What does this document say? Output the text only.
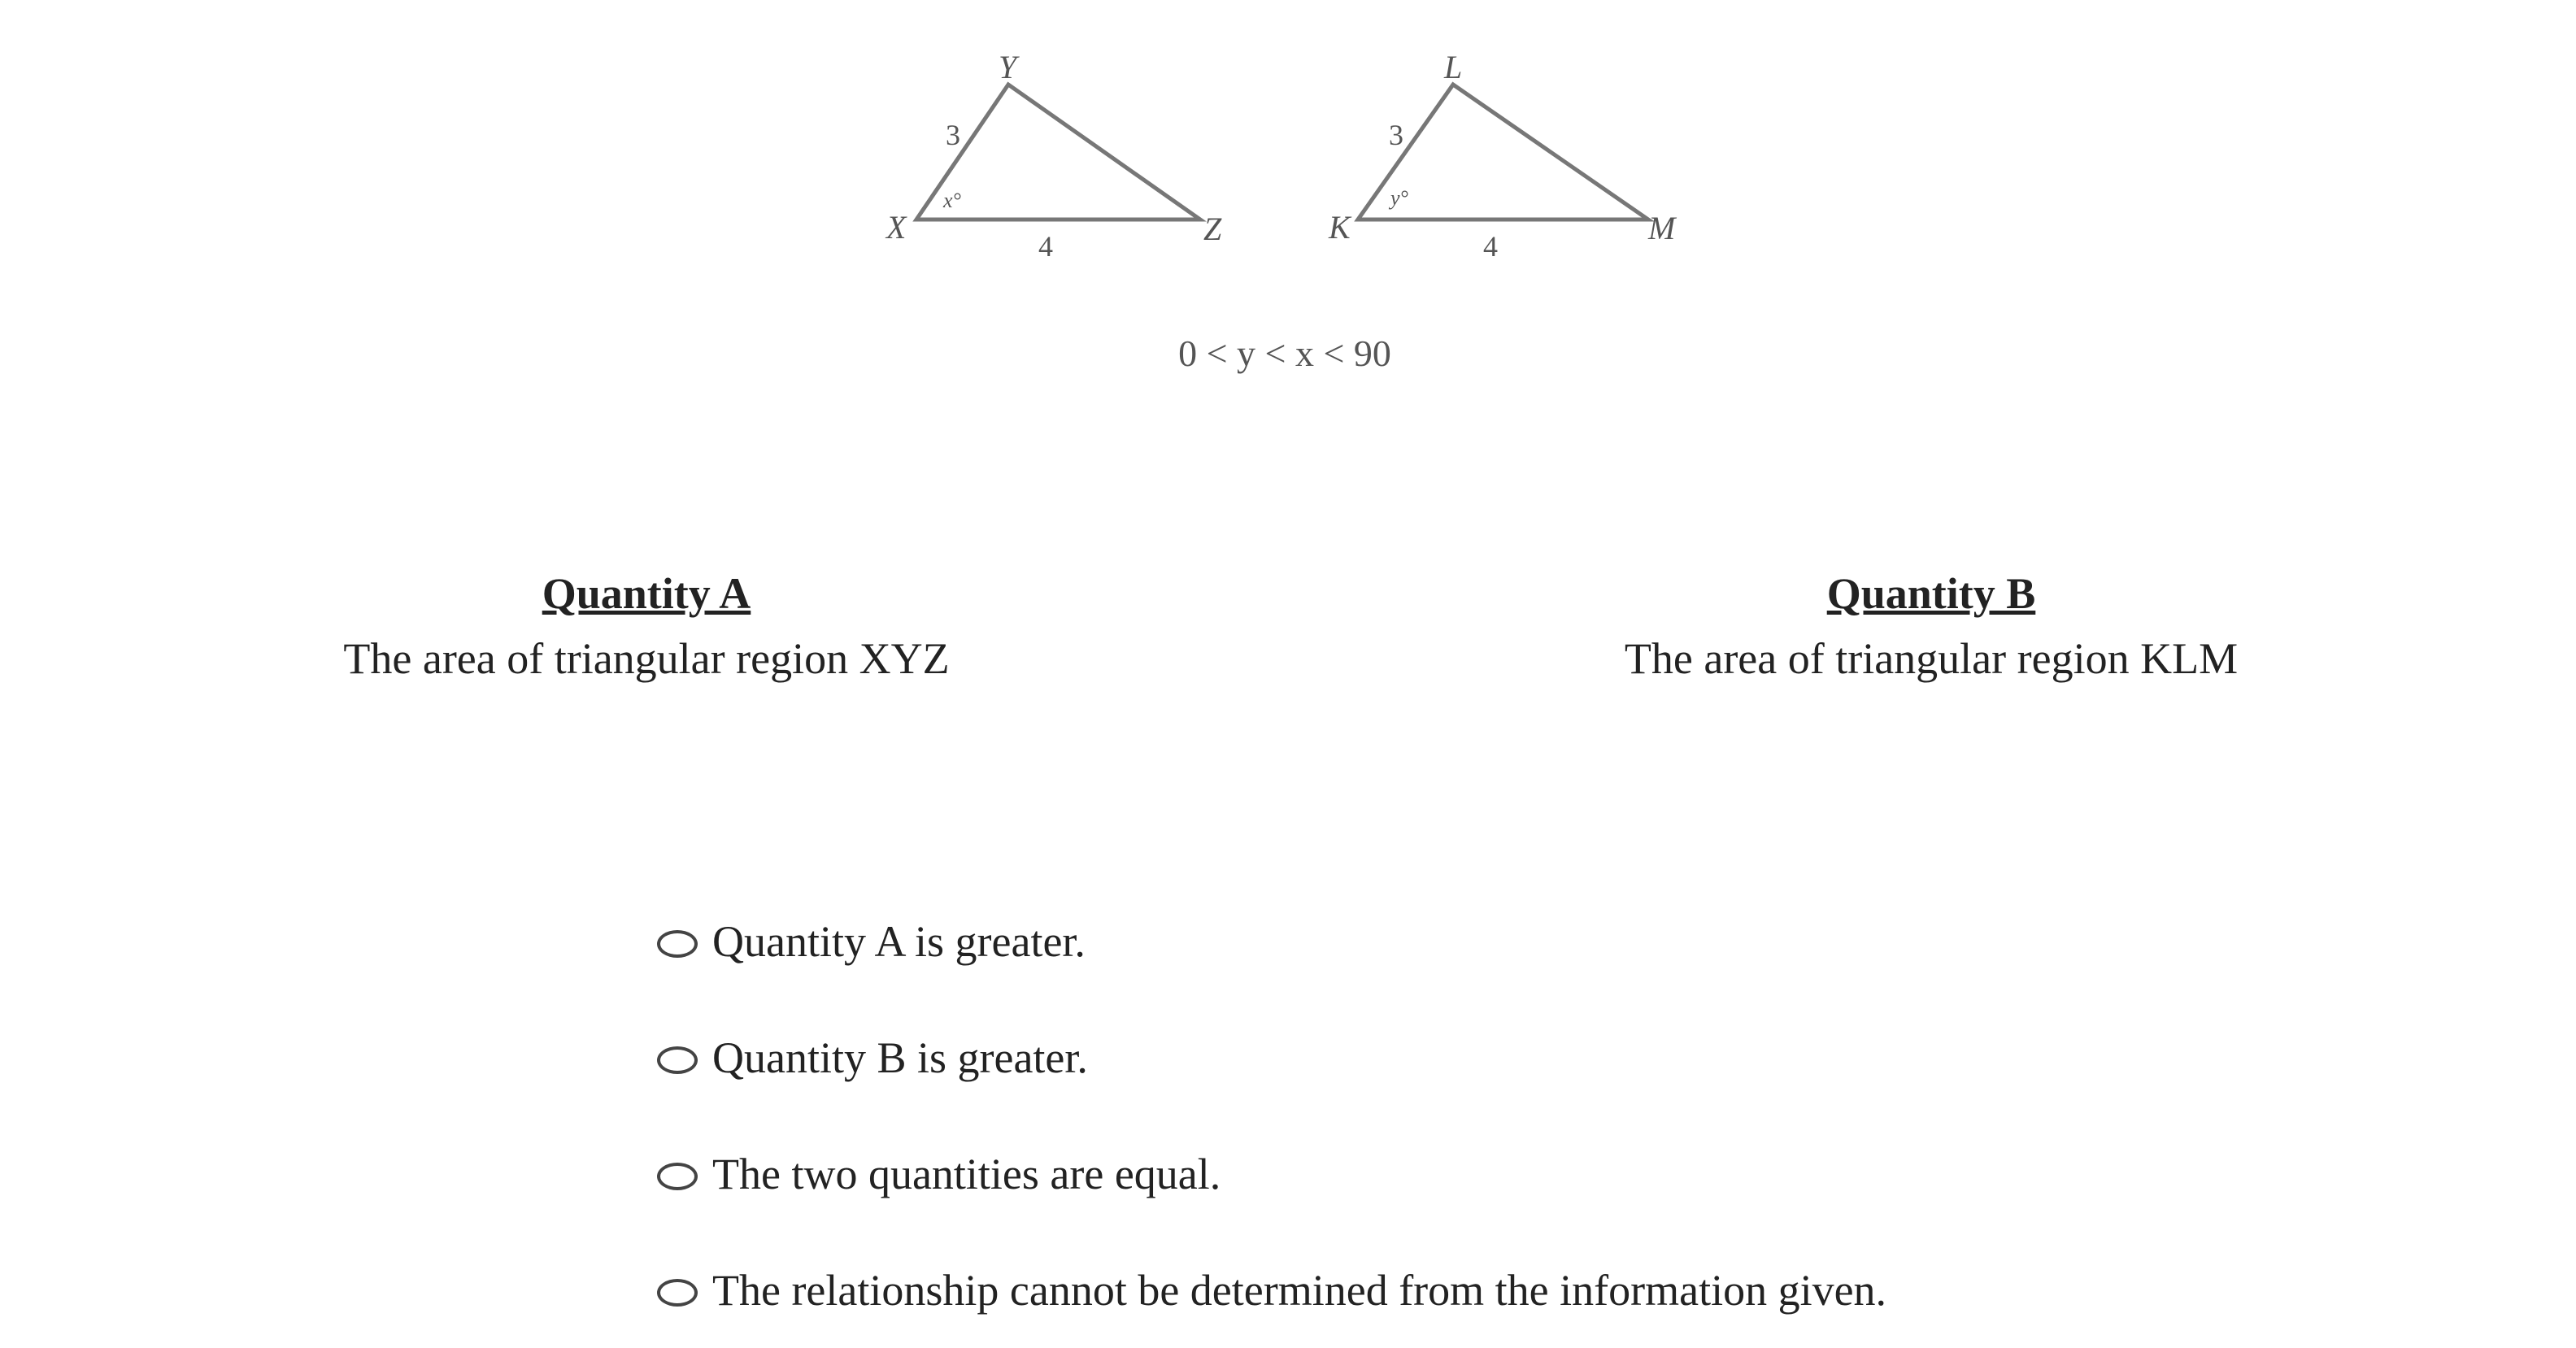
X
Y
Z
3
4
x°
K
L
M
3
4
y°
0 < y < x < 90
Quantity A
The area of triangular region XYZ
Quantity B
The area of triangular region KLM
Quantity A is greater.
Quantity B is greater.
The two quantities are equal.
The relationship cannot be determined from the information given.
